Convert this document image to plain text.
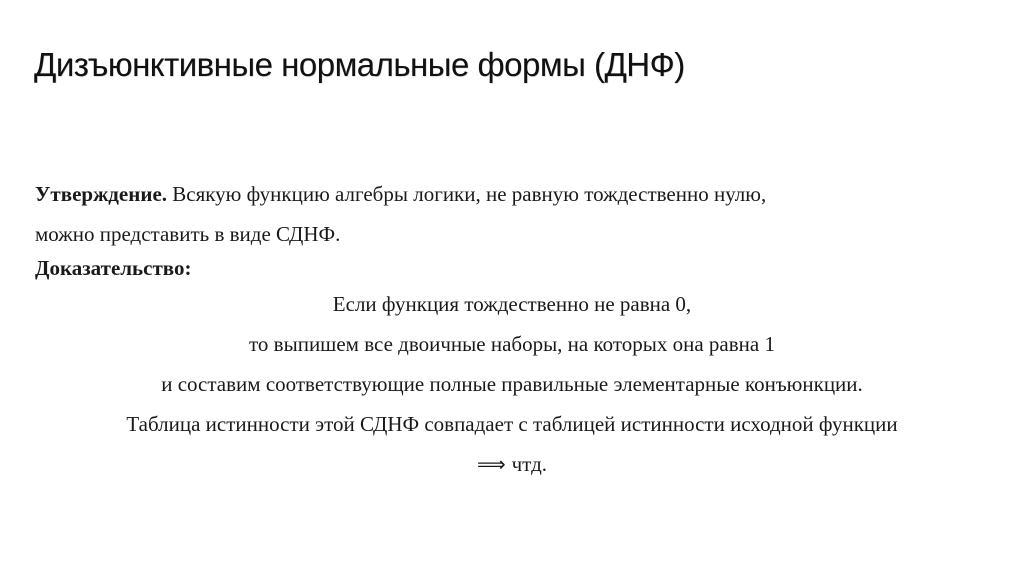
Дизъюнктивные нормальные формы (ДНФ)
Утверждение. Всякую функцию алгебры логики, не равную тождественно нулю,
можно представить в виде СДНФ.
Доказательство:
Если функция тождественно не равна 0,
то выпишем все двоичные наборы, на которых она равна 1
и составим соответствующие полные правильные элементарные конъюнкции.
Таблица истинности этой СДНФ совпадает с таблицей истинности исходной функции
⟹ чтд.
